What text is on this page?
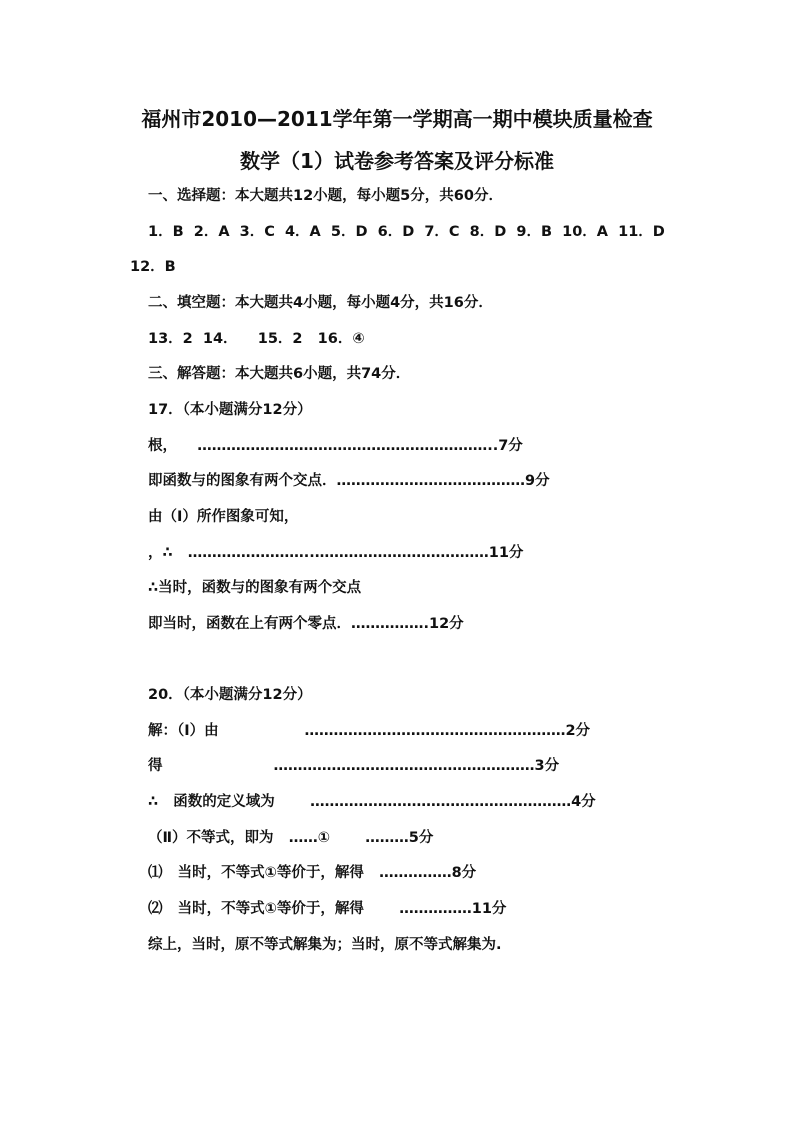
福州市2010—2011学年第一学期高一期中模块质量检查
数学（1）试卷参考答案及评分标准
一、选择题：本大题共12小题，每小题5分，共60分．
1．B  2．A  3．C  4．A  5．D  6．D  7．C  8．D  9．B  10．A  11．D
12．B
二、填空题：本大题共4小题，每小题4分，共16分．
13．2  14．    15．2   16．④
三、解答题：本大题共6小题，共74分．
17．（本小题满分12分）
根，    ……………………………………………………..7分
即函数与的图象有两个交点．…………………………………9分
由（Ⅰ）所作图象可知，
，∴   ……………………..………………………………11分
∴当时，函数与的图象有两个交点
即当时，函数在上有两个零点．…………….12分
20．（本小题满分12分）
解：（Ⅰ）由                 ………………………………………………2分
得                      ………………………………………………3分
∴   函数的定义域为       ………………………………………………4分
（Ⅱ）不等式，即为   ……①       ………5分
⑴   当时，不等式①等价于，解得   ……………8分
⑵   当时，不等式①等价于，解得       ……………11分
综上，当时，原不等式解集为；当时，原不等式解集为.
